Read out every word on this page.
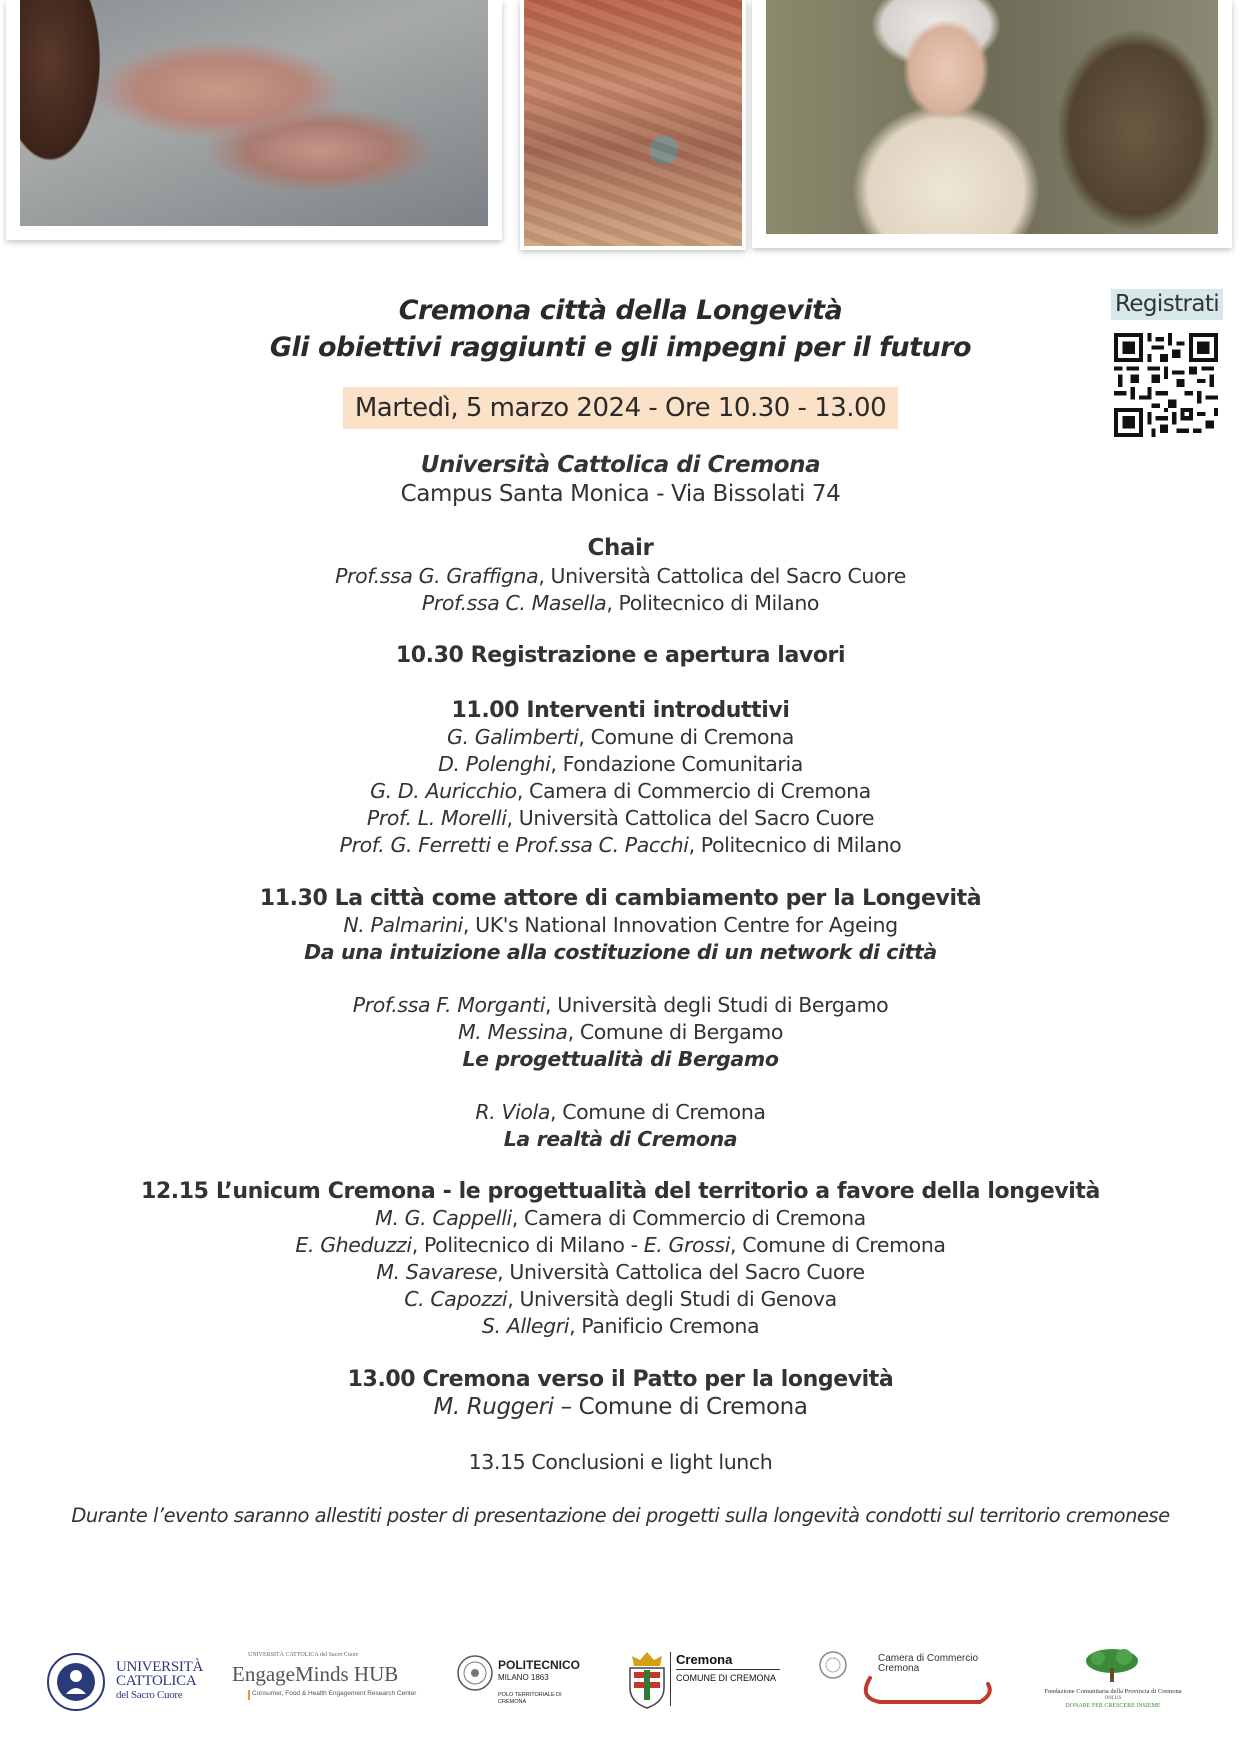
Registrati
Cremona città della Longevità
Gli obiettivi raggiunti e gli impegni per il futuro
Martedì, 5 marzo 2024 - Ore 10.30 - 13.00
Università Cattolica di Cremona
Campus Santa Monica - Via Bissolati 74
Chair
Prof.ssa G. Graffigna, Università Cattolica del Sacro Cuore
Prof.ssa C. Masella, Politecnico di Milano
10.30 Registrazione e apertura lavori
11.00 Interventi introduttivi
G. Galimberti, Comune di Cremona
D. Polenghi, Fondazione Comunitaria
G. D. Auricchio, Camera di Commercio di Cremona
Prof. L. Morelli, Università Cattolica del Sacro Cuore
Prof. G. Ferretti e Prof.ssa C. Pacchi, Politecnico di Milano
11.30 La città come attore di cambiamento per la Longevità
N. Palmarini, UK's National Innovation Centre for Ageing
Da una intuizione alla costituzione di un network di città
Prof.ssa F. Morganti, Università degli Studi di Bergamo
M. Messina, Comune di Bergamo
Le progettualità di Bergamo
R. Viola, Comune di Cremona
La realtà di Cremona
12.15 L’unicum Cremona - le progettualità del territorio a favore della longevità
M. G. Cappelli, Camera di Commercio di Cremona
E. Gheduzzi, Politecnico di Milano - E. Grossi, Comune di Cremona
M. Savarese, Università Cattolica del Sacro Cuore
C. Capozzi, Università degli Studi di Genova
S. Allegri, Panificio Cremona
13.00 Cremona verso il Patto per la longevità
M. Ruggeri – Comune di Cremona
13.15 Conclusioni e light lunch
Durante l’evento saranno allestiti poster di presentazione dei progetti sulla longevità condotti sul territorio cremonese
UNIVERSITÀ
CATTOLICA
del Sacro Cuore
UNIVERSITÀ CATTOLICA del Sacro Cuore
EngageMinds HUB
Consumer, Food & Health Engagement Research Center
POLITECNICO
MILANO 1863
POLO TERRITORIALE DI
CREMONA
Cremona
COMUNE DI CREMONA
Camera di Commercio
Cremona
Fondazione Comunitaria della Provincia di Cremona
ONLUS
DONARE PER CRESCERE INSIEME
